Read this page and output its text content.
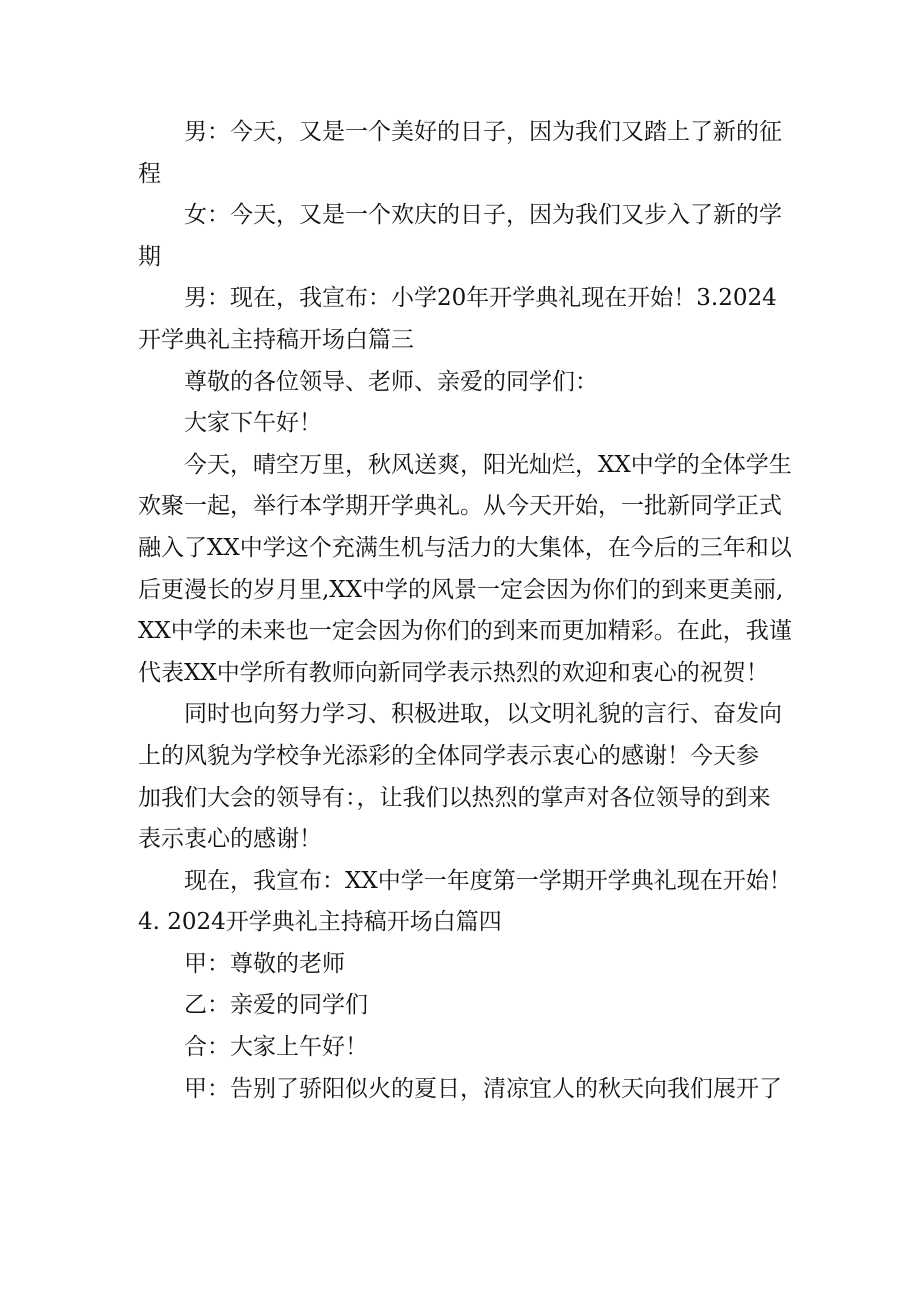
男：今天，又是一个美好的日子，因为我们又踏上了新的征
程
女：今天，又是一个欢庆的日子，因为我们又步入了新的学
期
男：现在，我宣布：小学20年开学典礼现在开始！3.2024
开学典礼主持稿开场白篇三
尊敬的各位领导、老师、亲爱的同学们：
大家下午好！
今天，晴空万里，秋风送爽，阳光灿烂，XX中学的全体学生
欢聚一起，举行本学期开学典礼。从今天开始，一批新同学正式
融入了XX中学这个充满生机与活力的大集体，在今后的三年和以
后更漫长的岁月里,XX中学的风景一定会因为你们的到来更美丽,
XX中学的未来也一定会因为你们的到来而更加精彩。在此，我谨
代表XX中学所有教师向新同学表示热烈的欢迎和衷心的祝贺！
同时也向努力学习、积极进取，以文明礼貌的言行、奋发向
上的风貌为学校争光添彩的全体同学表示衷心的感谢！今天参
加我们大会的领导有：，让我们以热烈的掌声对各位领导的到来
表示衷心的感谢！
现在，我宣布：XX中学一年度第一学期开学典礼现在开始！
4. 2024开学典礼主持稿开场白篇四
甲：尊敬的老师
乙：亲爱的同学们
合：大家上午好！
甲：告别了骄阳似火的夏日，清凉宜人的秋天向我们展开了
